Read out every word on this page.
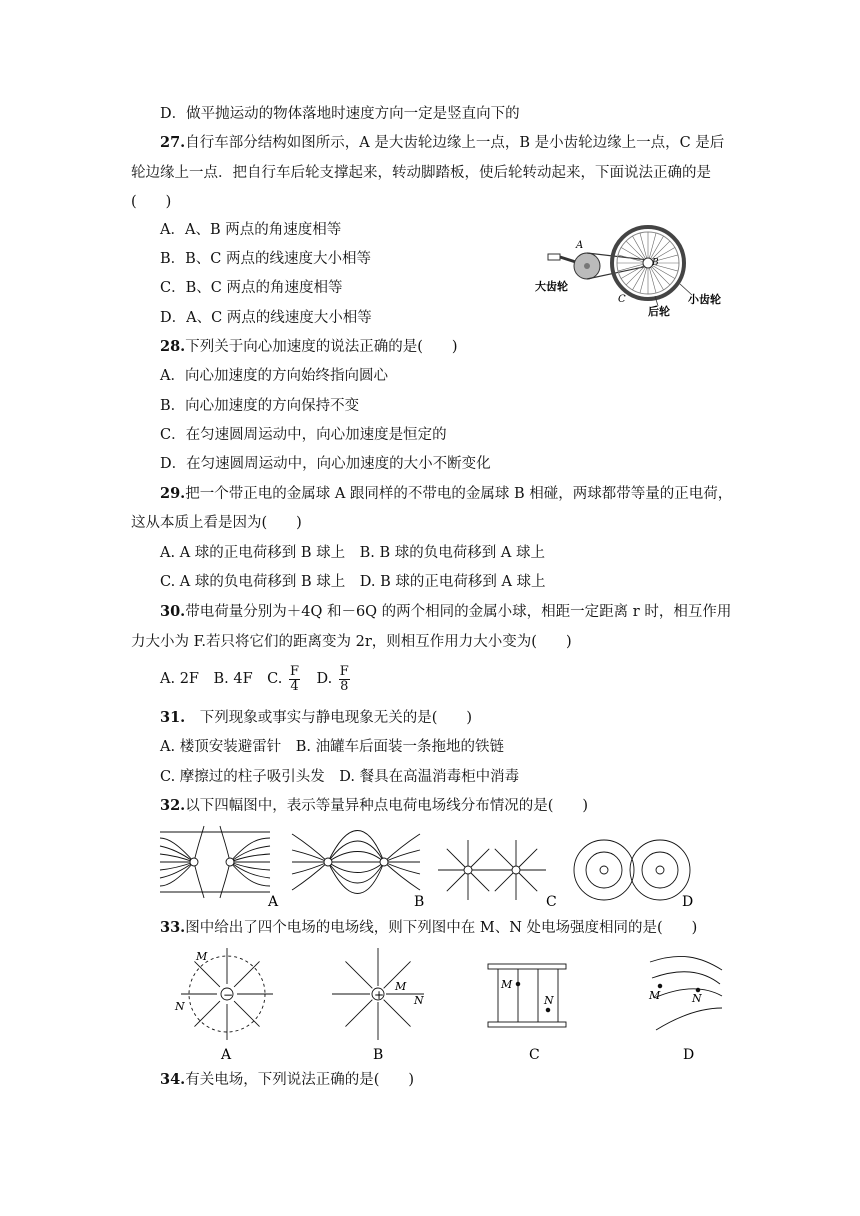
D．做平抛运动的物体落地时速度方向一定是竖直向下的
27.自行车部分结构如图所示，A 是大齿轮边缘上一点，B 是小齿轮边缘上一点，C 是后
轮边缘上一点．把自行车后轮支撑起来，转动脚踏板，使后轮转动起来，下面说法正确的是
(　　)
A．A、B 两点的角速度相等
B．B、C 两点的线速度大小相等
C．B、C 两点的角速度相等
D．A、C 两点的线速度大小相等
A
B
C
大齿轮
小齿轮
后轮
28.下列关于向心加速度的说法正确的是(　　)
A．向心加速度的方向始终指向圆心
B．向心加速度的方向保持不变
C．在匀速圆周运动中，向心加速度是恒定的
D．在匀速圆周运动中，向心加速度的大小不断变化
29.把一个带正电的金属球 A 跟同样的不带电的金属球 B 相碰，两球都带等量的正电荷，
这从本质上看是因为(　　)
A. A 球的正电荷移到 B 球上　B. B 球的负电荷移到 A 球上
C. A 球的负电荷移到 B 球上　D. B 球的正电荷移到 A 球上
30.带电荷量分别为＋4Q 和－6Q 的两个相同的金属小球，相距一定距离 r 时，相互作用
力大小为 F.若只将它们的距离变为 2r，则相互作用力大小变为(　　)
A. 2F　B. 4F　C. $\frac{F}{4}$ 　D. $\frac{F}{8}$
31.　下列现象或事实与静电现象无关的是(　　)
A. 楼顶安装避雷针　B. 油罐车后面装一条拖地的铁链
C. 摩擦过的柱子吸引头发　D. 餐具在高温消毒柜中消毒
32.以下四幅图中，表示等量异种点电荷电场线分布情况的是(　　)
A	B	C	D
33.图中给出了四个电场的电场线，则下列图中在 M、N 处电场强度相同的是(　　)
−
M
N
A
+
M
N
B
M
N
C
M	N
D
34.有关电场，下列说法正确的是(　　)
